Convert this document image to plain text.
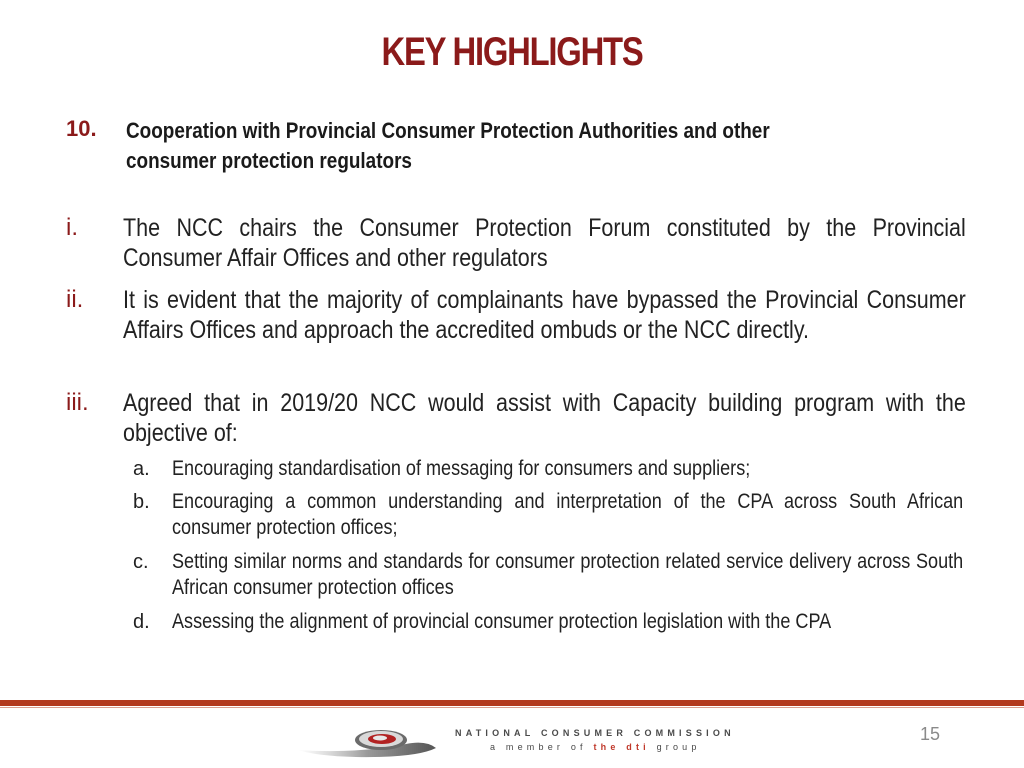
KEY HIGHLIGHTS
10. Cooperation with Provincial Consumer Protection Authorities and other
consumer protection regulators
i. The NCC chairs the Consumer Protection Forum constituted by the Provincial Consumer Affair Offices and other regulators
ii. It is evident that the majority of complainants have bypassed the Provincial Consumer Affairs Offices and approach the accredited ombuds or the NCC directly.
iii. Agreed that in 2019/20 NCC would assist with Capacity building program with the objective of:
a. Encouraging standardisation of messaging for consumers and suppliers;
b. Encouraging a common understanding and interpretation of the CPA across South African consumer protection offices;
c. Setting similar norms and standards for consumer protection related service delivery across South African consumer protection offices
d. Assessing the alignment of provincial consumer protection legislation with the CPA
NATIONAL CONSUMER COMMISSION
a member of the dti group
15
